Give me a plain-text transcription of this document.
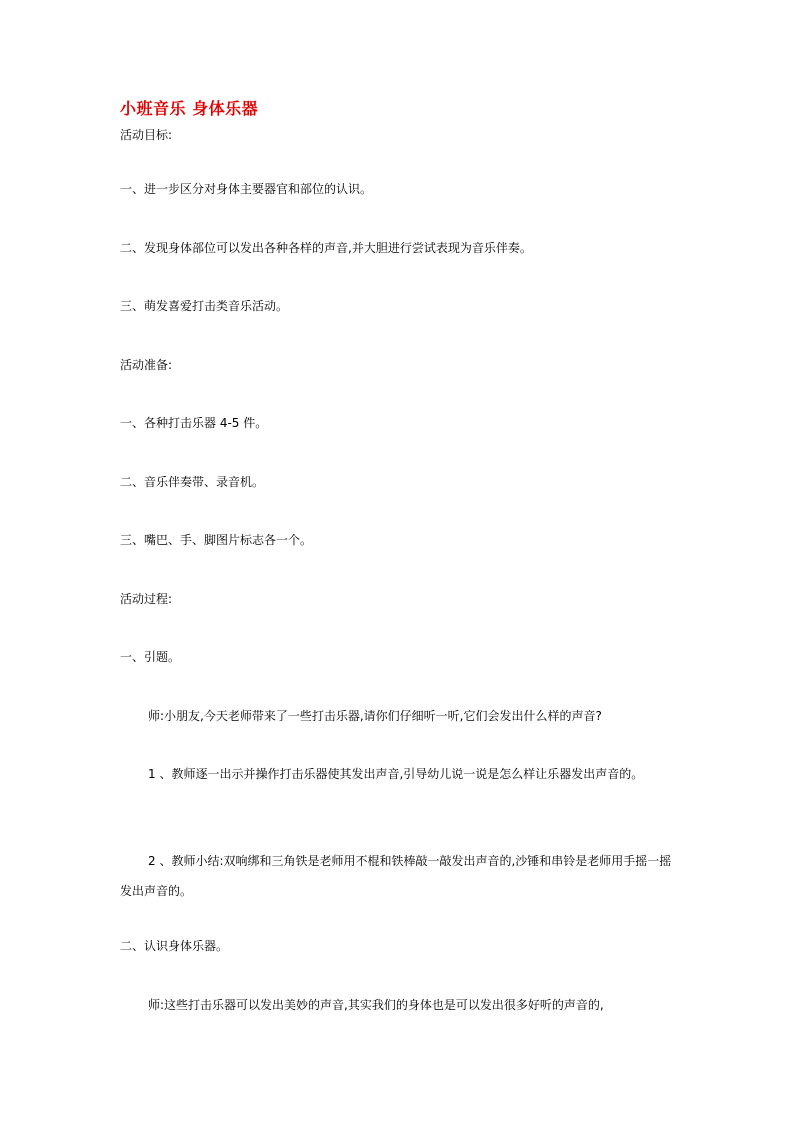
小班音乐 身体乐器
活动目标:
一、进一步区分对身体主要器官和部位的认识。
二、发现身体部位可以发出各种各样的声音,并大胆进行尝试表现为音乐伴奏。
三、萌发喜爱打击类音乐活动。
活动准备:
一、各种打击乐器 4-5 件。
二、音乐伴奏带、录音机。
三、嘴巴、手、脚图片标志各一个。
活动过程:
一、引题。
师:小朋友,今天老师带来了一些打击乐器,请你们仔细听一听,它们会发出什么样的声音?
1 、教师逐一出示并操作打击乐器使其发出声音,引导幼儿说一说是怎么样让乐器发出声音的。
2 、教师小结:双响绑和三角铁是老师用不棍和铁棒敲一敲发出声音的,沙锤和串铃是老师用手摇一摇发出声音的。
二、认识身体乐器。
师:这些打击乐器可以发出美妙的声音,其实我们的身体也是可以发出很多好听的声音的,
